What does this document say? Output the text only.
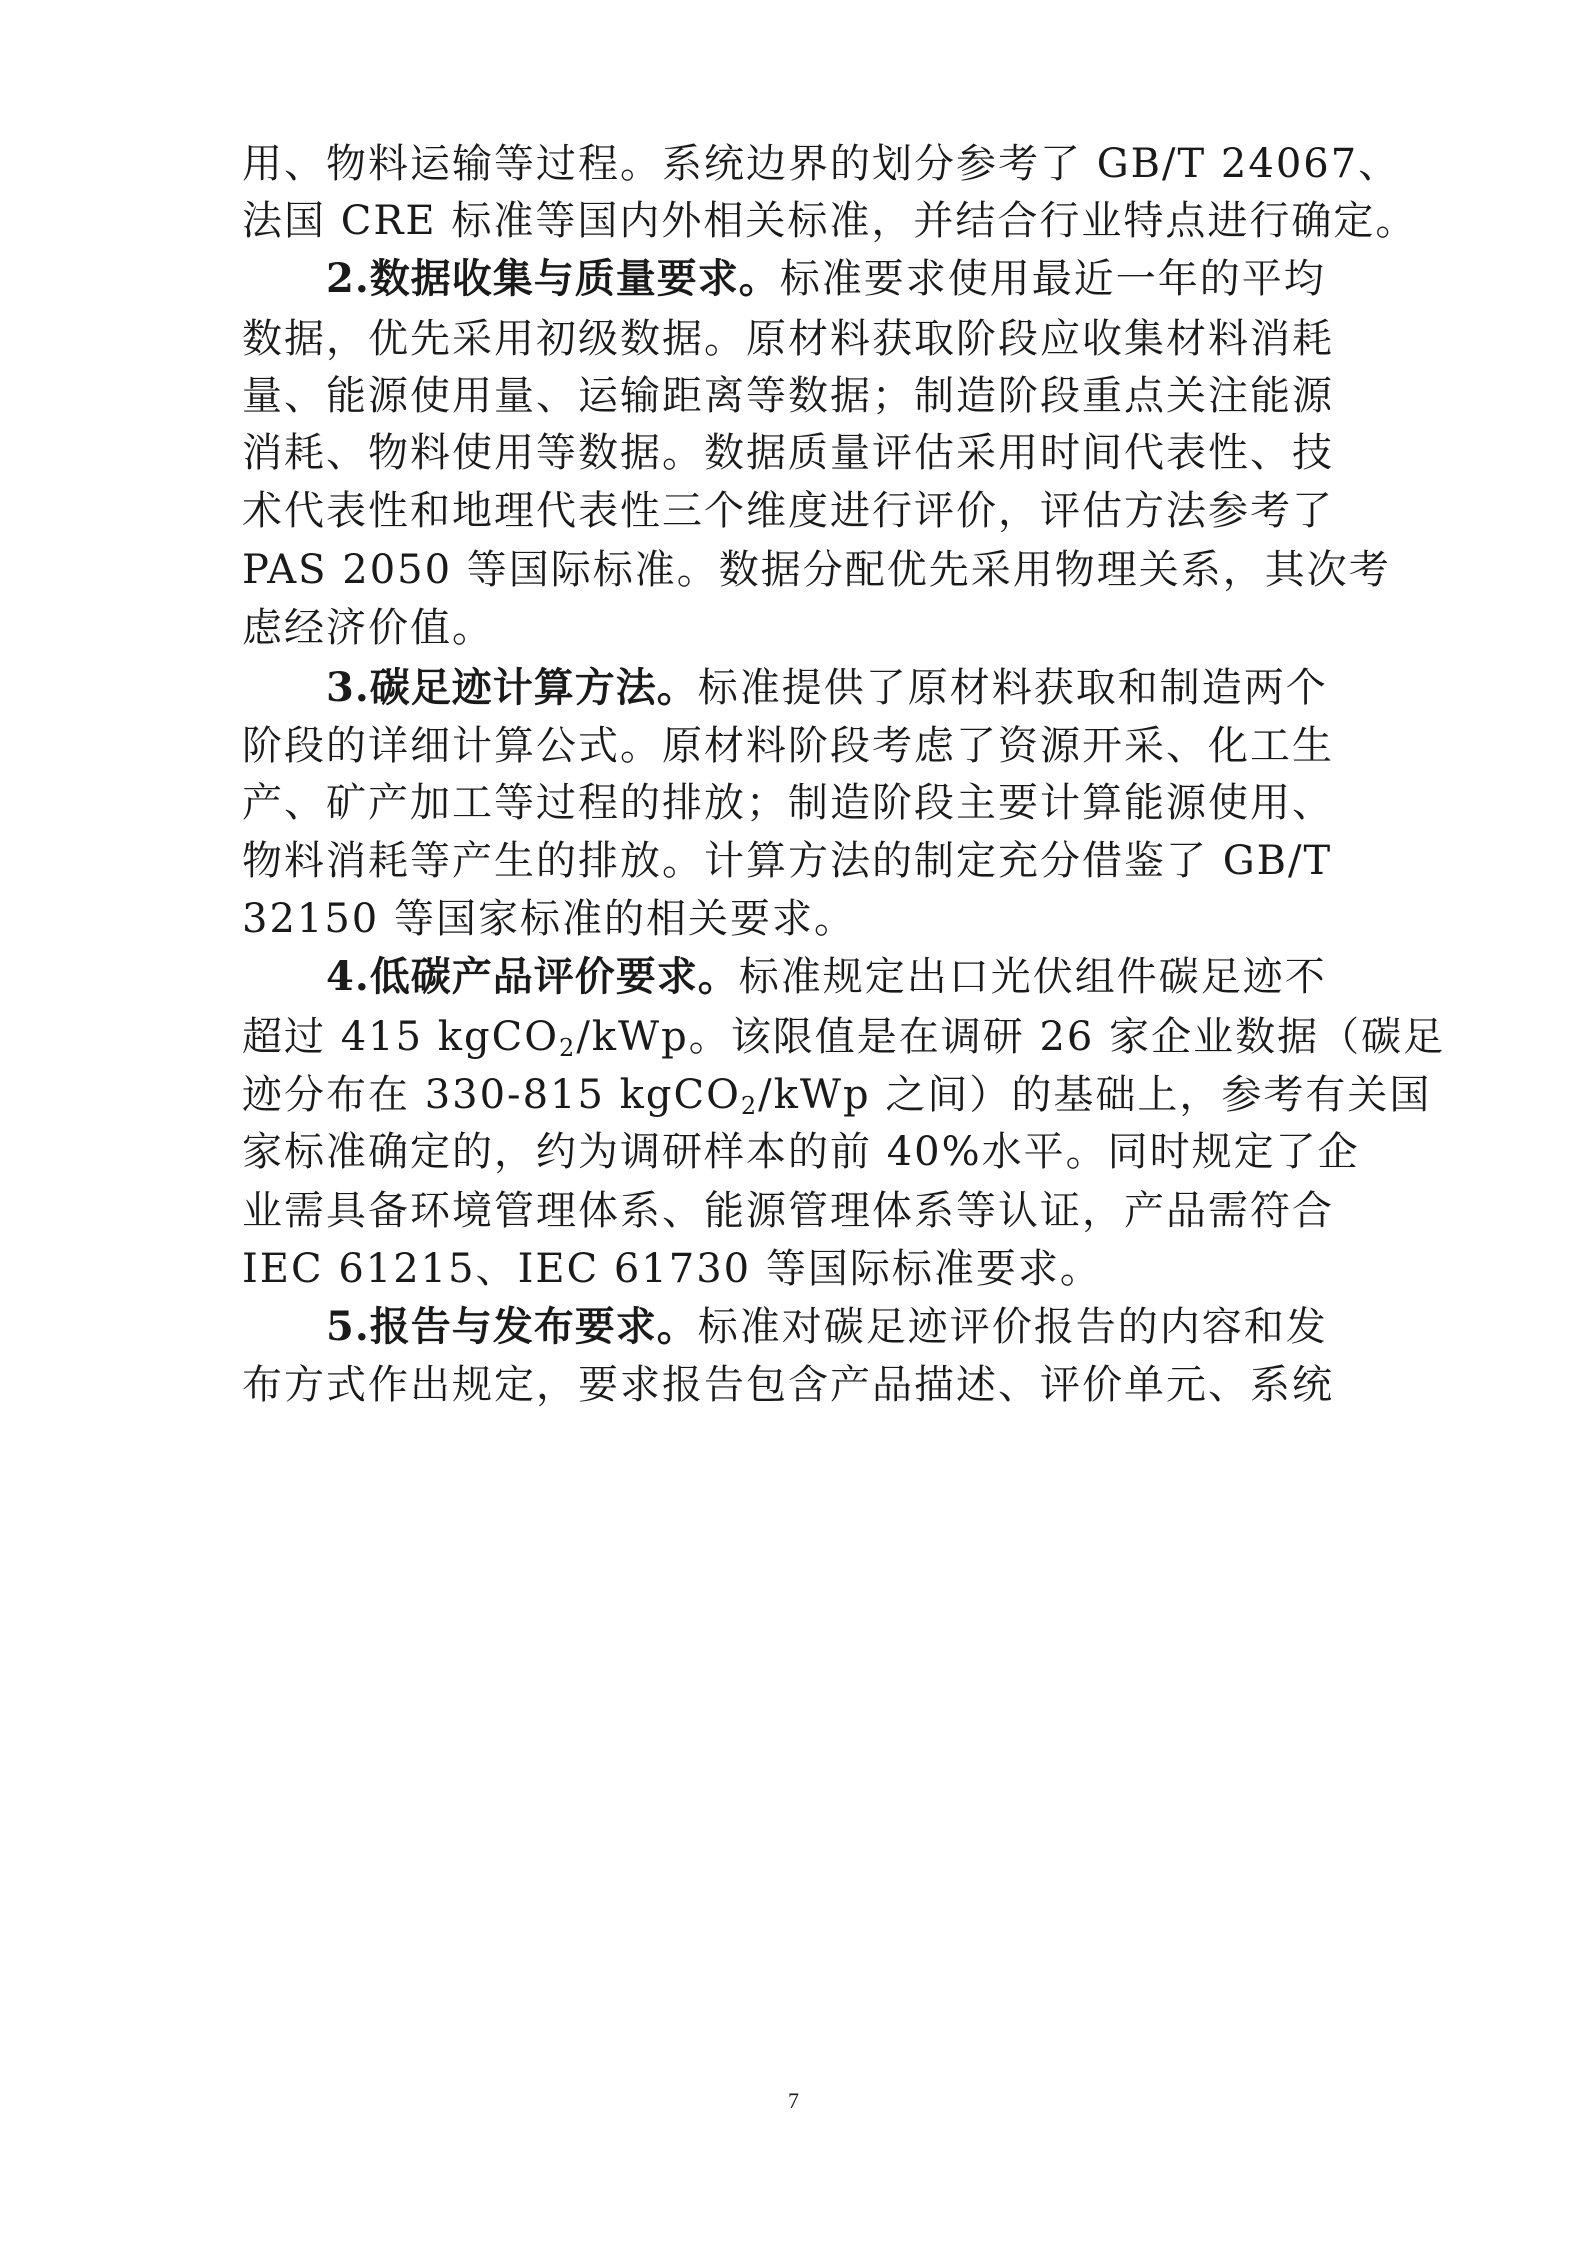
用、物料运输等过程。系统边界的划分参考了 GB/T 24067、
法国 CRE 标准等国内外相关标准，并结合行业特点进行确定。
2.数据收集与质量要求。标准要求使用最近一年的平均
数据，优先采用初级数据。原材料获取阶段应收集材料消耗
量、能源使用量、运输距离等数据；制造阶段重点关注能源
消耗、物料使用等数据。数据质量评估采用时间代表性、技
术代表性和地理代表性三个维度进行评价，评估方法参考了
PAS 2050 等国际标准。数据分配优先采用物理关系，其次考
虑经济价值。
3.碳足迹计算方法。标准提供了原材料获取和制造两个
阶段的详细计算公式。原材料阶段考虑了资源开采、化工生
产、矿产加工等过程的排放；制造阶段主要计算能源使用、
物料消耗等产生的排放。计算方法的制定充分借鉴了 GB/T
32150 等国家标准的相关要求。
4.低碳产品评价要求。标准规定出口光伏组件碳足迹不
超过 415 kgCO$_2$/kWp。该限值是在调研 26 家企业数据（碳足
迹分布在 330-815 kgCO$_2$/kWp 之间）的基础上，参考有关国
家标准确定的，约为调研样本的前 40%水平。同时规定了企
业需具备环境管理体系、能源管理体系等认证，产品需符合
IEC 61215、IEC 61730 等国际标准要求。
5.报告与发布要求。标准对碳足迹评价报告的内容和发
布方式作出规定，要求报告包含产品描述、评价单元、系统
7
